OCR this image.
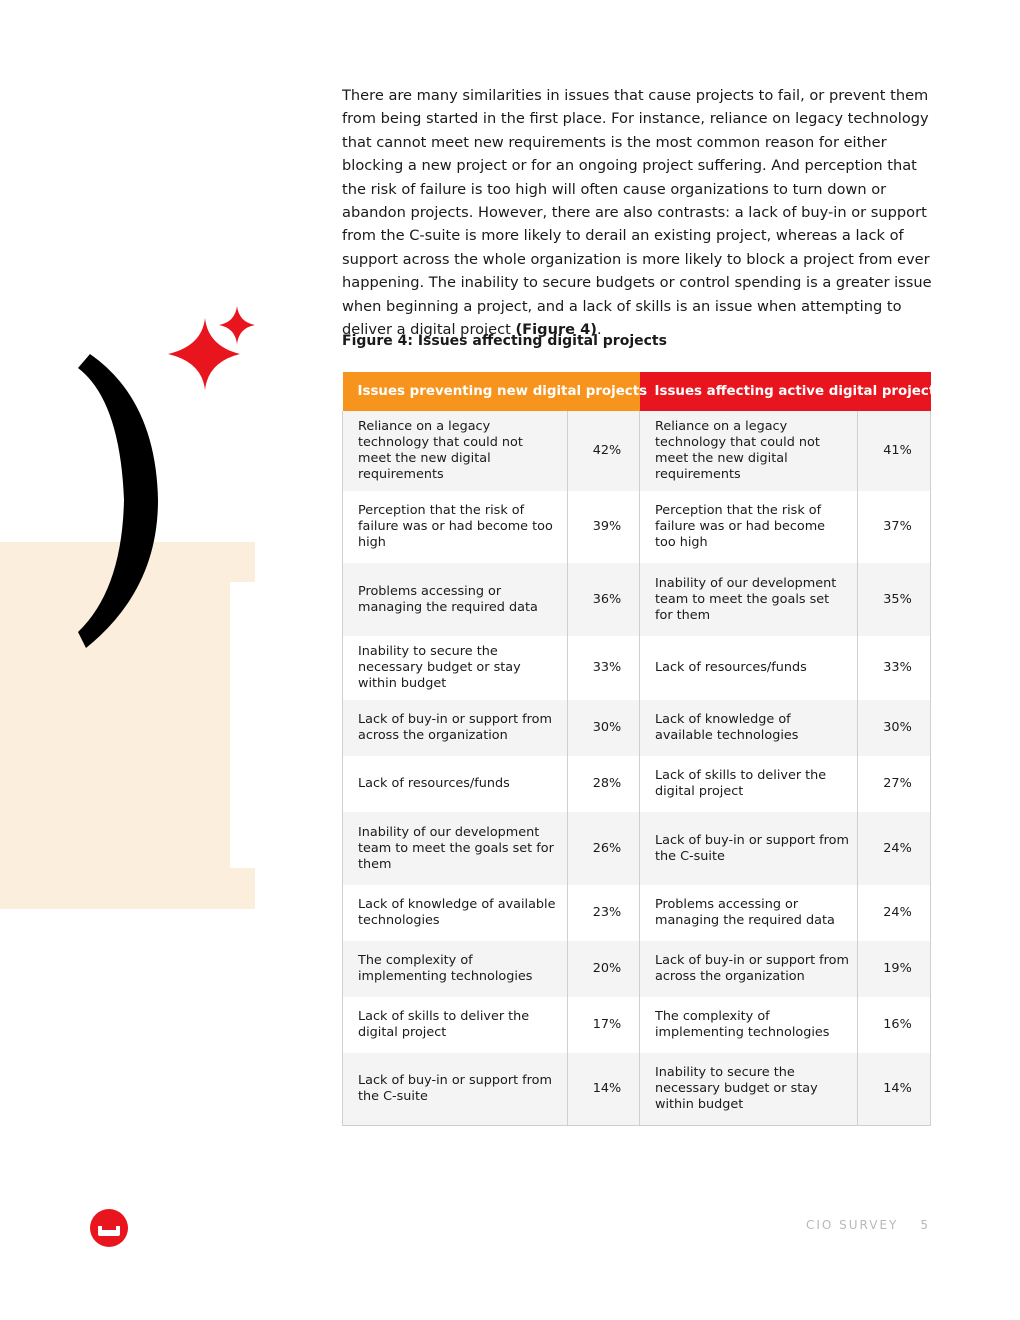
There are many similarities in issues that cause projects to fail, or prevent them from being started in the first place. For instance, reliance on legacy technology that cannot meet new requirements is the most common reason for either blocking a new project or for an ongoing project suffering. And perception that the risk of failure is too high will often cause organizations to turn down or abandon projects. However, there are also contrasts: a lack of buy-in or support from the C-suite is more likely to derail an existing project, whereas a lack of support across the whole organization is more likely to block a project from ever happening. The inability to secure budgets or control spending is a greater issue when beginning a project, and a lack of skills is an issue when attempting to deliver a digital project (Figure 4).

Figure 4: Issues affecting digital projects

Issues preventing new digital projects		Issues affecting active digital projects	
Reliance on a legacy technology that could not meet the new digital requirements	42%	Reliance on a legacy technology that could not meet the new digital requirements	41%
Perception that the risk of failure was or had become too high	39%	Perception that the risk of failure was or had become too high	37%
Problems accessing or managing the required data	36%	Inability of our development team to meet the goals set for them	35%
Inability to secure the necessary budget or stay within budget	33%	Lack of resources/funds	33%
Lack of buy-in or support from across the organization	30%	Lack of knowledge of available technologies	30%
Lack of resources/funds	28%	Lack of skills to deliver the digital project	27%
Inability of our development team to meet the goals set for them	26%	Lack of buy-in or support from the C-suite	24%
Lack of knowledge of available technologies	23%	Problems accessing or managing the required data	24%
The complexity of implementing technologies	20%	Lack of buy-in or support from across the organization	19%
Lack of skills to deliver the digital project	17%	The complexity of implementing technologies	16%
Lack of buy-in or support from the C-suite	14%	Inability to secure the necessary budget or stay within budget	14%
CIO SURVEY 5
